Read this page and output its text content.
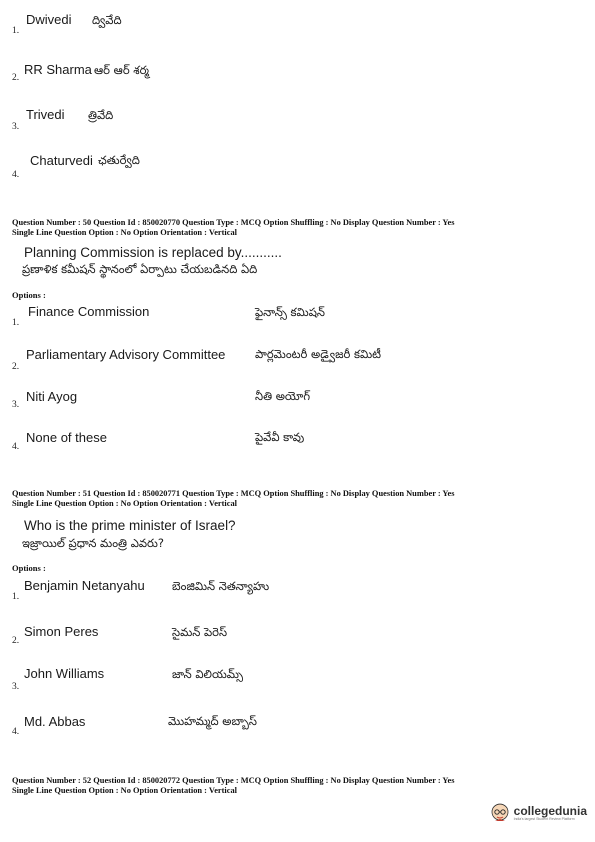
1.
Dwivedi ద్వివేది
2.
RR Sharma ఆర్ ఆర్ శర్మ
3.
Trivedi త్రివేది
4.
Chaturvedi ఛతుర్వేది
Question Number : 50 Question Id : 850020770 Question Type : MCQ Option Shuffling : No Display Question Number : Yes
Single Line Question Option : No Option Orientation : Vertical
Planning Commission is replaced by...........
ప్రణాళిక కమీషన్ స్థానంలో ఏర్పాటు చేయబడినది ఏది
Options :
1.
Finance Commission	ఫైనాన్స్ కమిషన్
2.
Parliamentary Advisory Committee	పార్లమెంటరీ అడ్వైజరీ కమిటీ
3.
Niti Ayog	నీతి అయోగ్
4.
None of these	పైవేవీ కావు
Question Number : 51 Question Id : 850020771 Question Type : MCQ Option Shuffling : No Display Question Number : Yes
Single Line Question Option : No Option Orientation : Vertical
Who is the prime minister of Israel?
ఇజ్రాయిల్ ప్రధాన మంత్రి ఎవరు?
Options :
1.
Benjamin Netanyahu బెంజిమిన్ నెతన్యాహు
2.
Simon Peres	సైమన్ పెరెస్
3.
John Williams	జాన్ విలియమ్స్
4.
Md. Abbas	మొహమ్మద్ అబ్బాస్
Question Number : 52 Question Id : 850020772 Question Type : MCQ Option Shuffling : No Display Question Number : Yes
Single Line Question Option : No Option Orientation : Vertical
collegedunia
India's largest Student Review Platform
